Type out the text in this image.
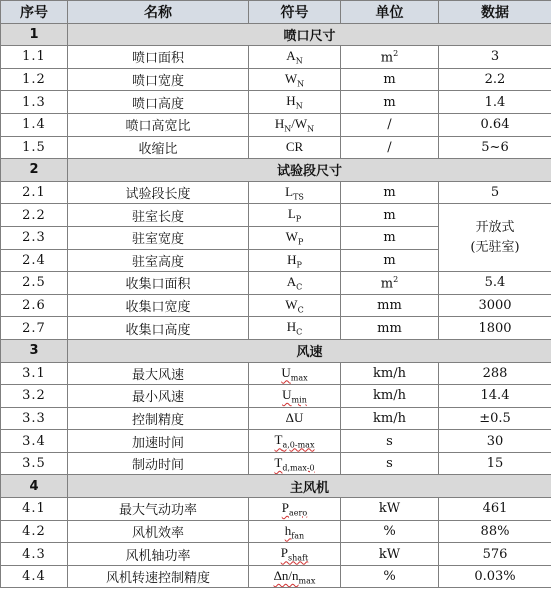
序号	名称	符号	单位	数据
1	喷口尺寸			
1.1	喷口面积	$A_N$	$m^2$	3
1.2	喷口宽度	$W_N$	m	2.2
1.3	喷口高度	$H_N$	m	1.4
1.4	喷口高宽比	$H_N/W_N$	/	0.64
1.5	收缩比	CR	/	5~6
2	试验段尺寸			
2.1	试验段长度	$L_{TS}$	m	5
2.2	驻室长度	$L_P$	m	开放式
(无驻室)

2.3	驻室宽度	$W_P$	m	
2.4	驻室高度	$H_P$	m	
2.5	收集口面积	$A_C$	$m^2$	5.4
2.6	收集口宽度	$W_C$	mm	3000
2.7	收集口高度	$H_C$	mm	1800
3	风速			
3.1	最大风速	$U_{max}$	km/h	288
3.2	最小风速	$U_{min}$	km/h	14.4
3.3	控制精度	ΔU	km/h	±0.5
3.4	加速时间	$T_{a,0-max}$	s	30
3.5	制动时间	$T_{d,max-0}$	s	15
4	主风机			
4.1	最大气动功率	$P_{aero}$	kW	461
4.2	风机效率	$h_{fan}$	%	88%
4.3	风机轴功率	$P_{shaft}$	kW	576
4.4	风机转速控制精度	$\Delta n/n_{max}$	%	0.03%
